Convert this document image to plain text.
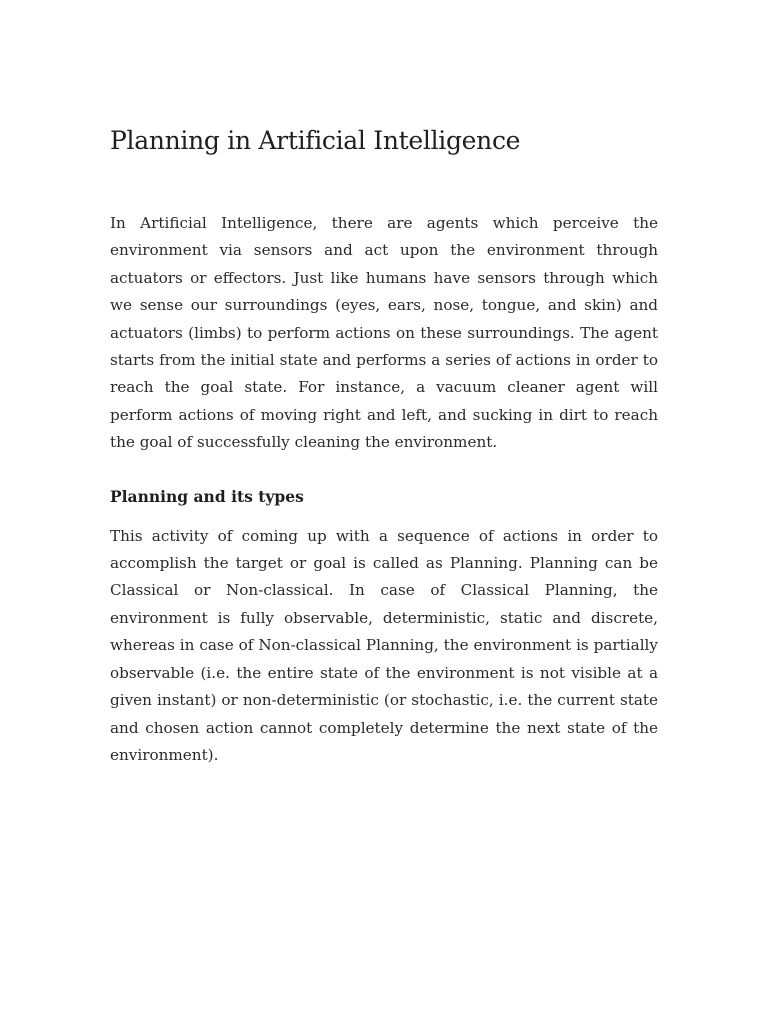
Planning in Artificial Intelligence

In Artificial Intelligence, there are agents which perceive the environment via sensors and act upon the environment through actuators or effectors. Just like humans have sensors through which we sense our surroundings (eyes, ears, nose, tongue, and skin) and actuators (limbs) to perform actions on these surroundings. The agent starts from the initial state and performs a series of actions in order to reach the goal state. For instance, a vacuum cleaner agent will perform actions of moving right and left, and sucking in dirt to reach the goal of successfully cleaning the environment.

Planning and its types

This activity of coming up with a sequence of actions in order to accomplish the target or goal is called as Planning. Planning can be Classical or Non-classical. In case of Classical Planning, the environment is fully observable, deterministic, static and discrete, whereas in case of Non-classical Planning, the environment is partially observable (i.e. the entire state of the environment is not visible at a given instant) or non-deterministic (or stochastic, i.e. the current state and chosen action cannot completely determine the next state of the environment).
